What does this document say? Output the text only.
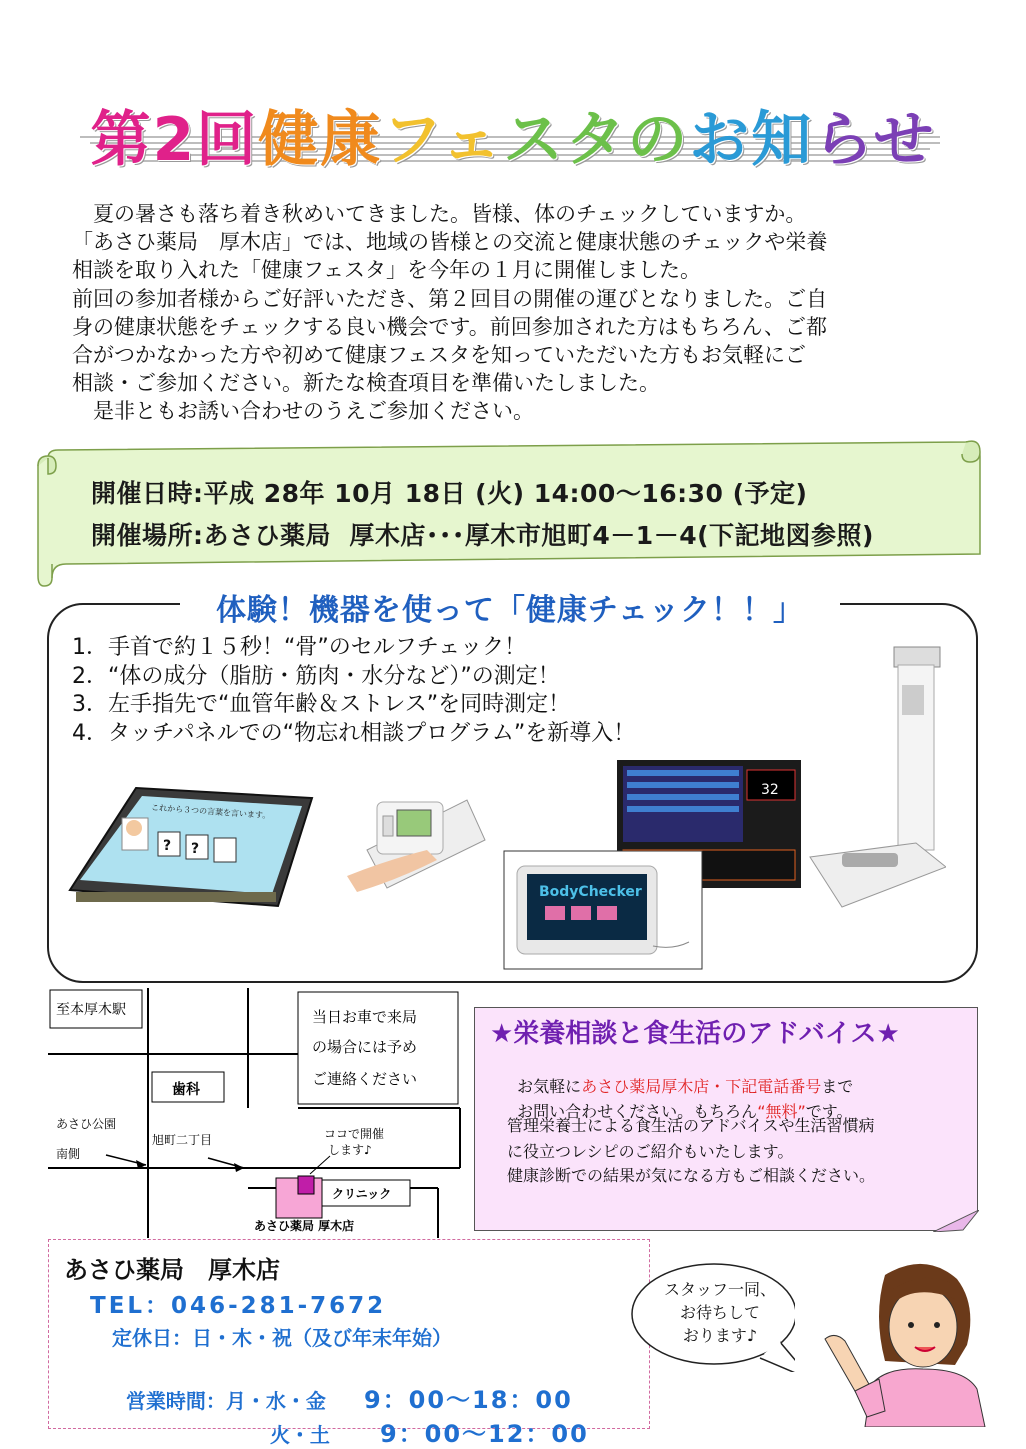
第2回健康フェスタのお知らせ

　夏の暑さも落ち着き秋めいてきました。皆様、体のチェックしていますか。

「あさひ薬局　厚木店」では、地域の皆様との交流と健康状態のチェックや栄養

相談を取り入れた「健康フェスタ」を今年の１月に開催しました。

前回の参加者様からご好評いただき、第２回目の開催の運びとなりました。ご自

身の健康状態をチェックする良い機会です。前回参加された方はもちろん、ご都

合がつかなかった方や初めて健康フェスタを知っていただいた方もお気軽にご

相談・ご参加ください。新たな検査項目を準備いたしました。

　是非ともお誘い合わせのうえご参加ください。

開催日時:平成 28年 10月 18日 (火) 14:00～16:30 (予定)
開催場所:あさひ薬局  厚木店･･･厚木市旭町4－1－4(下記地図参照)
体験！機器を使って「健康チェック！！」
1．手首で約１５秒！“骨”のセルフチェック！
2．“体の成分（脂肪・筋肉・水分など）”の測定！
3．左手指先で“血管年齢＆ストレス”を同時測定！
4．タッチパネルでの“物忘れ相談プログラム”を新導入！
? ?
これから３つの言葉を言います。
32
BodyChecker
至本厚木駅	当日お車で来局
の場合には予め
ご連絡ください
歯科
あさひ公園
南側
旭町二丁目	ココで開催
します♪
クリニック
あさひ薬局 厚木店
★栄養相談と食生活のアドバイス★

お気軽にあさひ薬局厚木店・下記電話番号まで

お問い合わせください。もちろん“無料”です。

管理栄養士による食生活のアドバイスや生活習慣病
に役立つレシピのご紹介もいたします。
健康診断での結果が気になる方もご相談ください。
あさひ薬局　厚木店
TEL：046-281-7672
定休日：日・木・祝（及び年末年始）

営業時間：月・水・金　9：00～18：00

火・土 9：00～12：00

スタッフ一同、
お待ちして
おります♪
